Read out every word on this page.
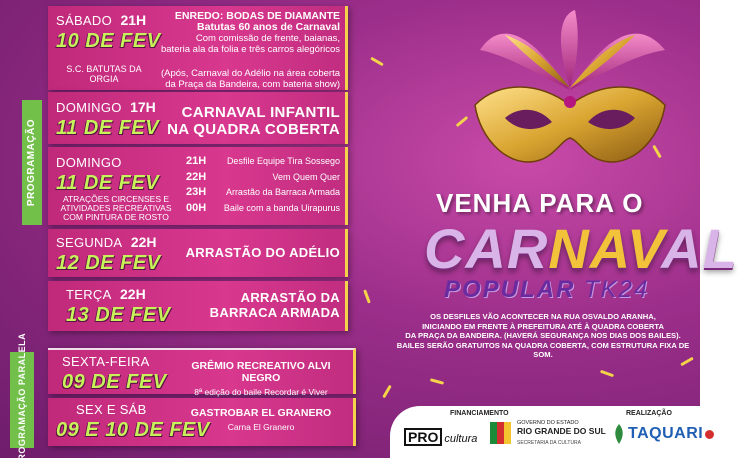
PROGRAMAÇÃO
PROGRAMAÇÃO PARALELA
SÁBADO 21H
10 DE FEV
S.C. BATUTAS DA ORGIA
ENREDO: BODAS DE DIAMANTE
Batutas 60 anos de Carnaval
Com comissão de frente, baianas,
bateria ala da folia e três carros alegóricos
(Após, Carnaval do Adélio na área coberta
da Praça da Bandeira, com bateria show)
DOMINGO 17H
11 DE FEV
CARNAVAL INFANTIL
NA QUADRA COBERTA
DOMINGO
11 DE FEV
ATRAÇÕES CIRCENSES E
ATIVIDADES RECREATIVAS
COM PINTURA DE ROSTO
21H
22H
23H
00H
Desfile Equipe Tira Sossego
Vem Quem Quer
Arrastão da Barraca Armada
Baile com a banda Uirapurus
SEGUNDA 22H
12 DE FEV	ARRASTÃO DO ADÉLIO
TERÇA 22H
13 DE FEV
ARRASTÃO DA
BARRACA ARMADA
SEXTA-FEIRA
09 DE FEV
GRÊMIO RECREATIVO ALVI NEGRO
8ª edição do baile Recordar é Viver
SEX E SÁB
09 E 10 DE FEV
GASTROBAR EL GRANERO
Carna El Granero
VENHA PARA O
CARNAVAL
POPULAR TK24
OS DESFILES VÃO ACONTECER NA RUA OSVALDO ARANHA,
INICIANDO EM FRENTE À PREFEITURA ATÉ À QUADRA COBERTA
DA PRAÇA DA BANDEIRA. (HAVERÁ SEGURANÇA NOS DIAS DOS BAILES).
BAILES SERÃO GRATUITOS NA QUADRA COBERTA, COM ESTRUTURA FIXA DE SOM.
FINANCIAMENTO	REALIZAÇÃO
PRO cultura
GOVERNO DO ESTADO
RIO GRANDE DO SUL
SECRETARIA DA CULTURA
TAQUARI
